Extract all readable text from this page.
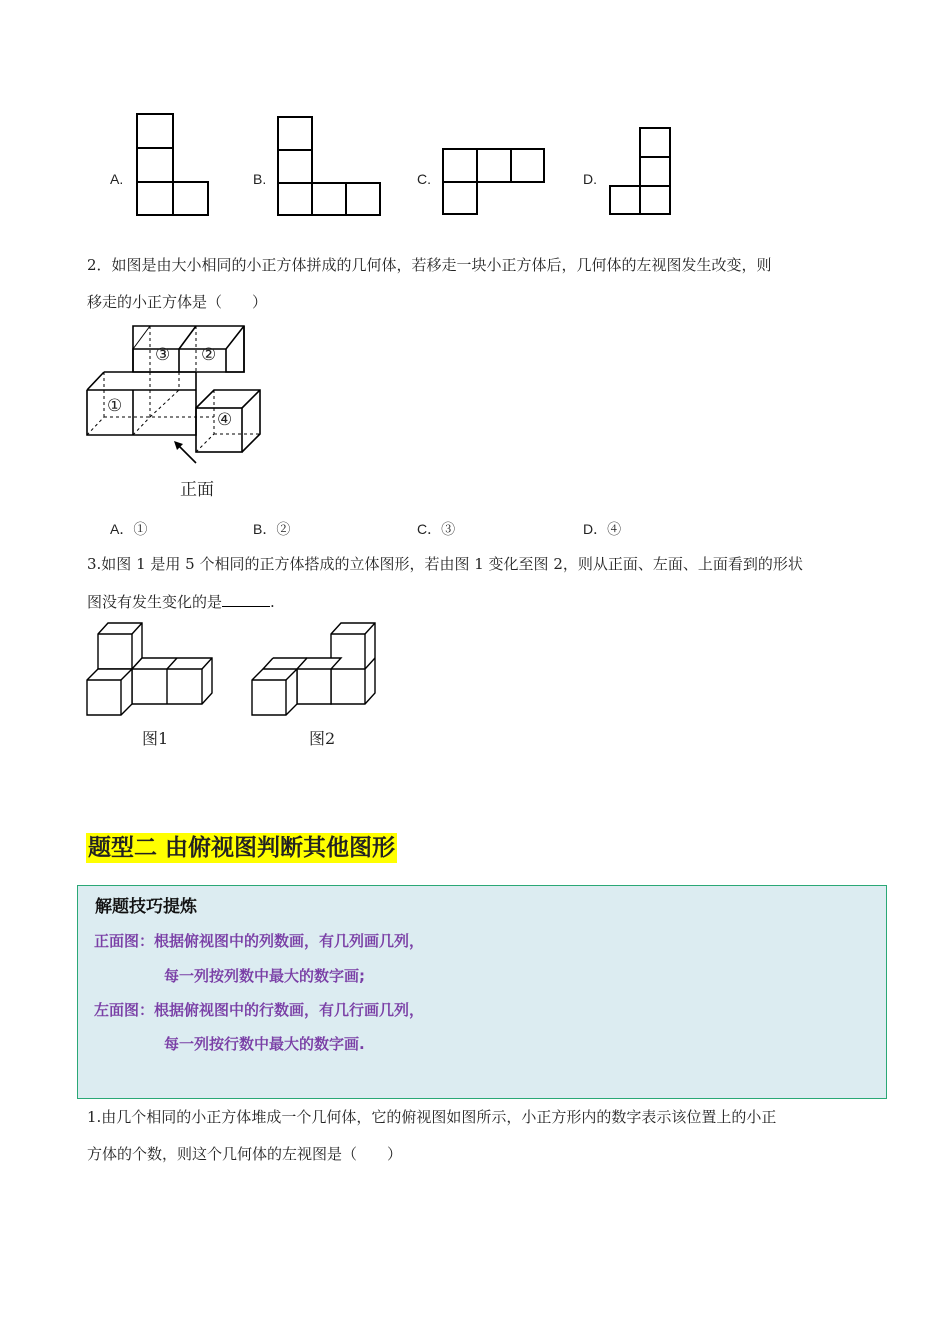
A.	B.	C.	D.
2．如图是由大小相同的小正方体拼成的几何体，若移走一块小正方体后，几何体的左视图发生改变，则
移走的小正方体是（　　）
①
②
③
④
正面
A．①	B．②	C．③	D．④
3.如图 1 是用 5 个相同的正方体搭成的立体图形，若由图 1 变化至图 2，则从正面、左面、上面看到的形状
图没有发生变化的是	.
图1	图2
题型二 由俯视图判断其他图形
解题技巧提炼
正面图：根据俯视图中的列数画，有几列画几列，
每一列按列数中最大的数字画;
左面图：根据俯视图中的行数画，有几行画几列，
每一列按行数中最大的数字画.
1.由几个相同的小正方体堆成一个几何体，它的俯视图如图所示，小正方形内的数字表示该位置上的小正
方体的个数，则这个几何体的左视图是（　　）
